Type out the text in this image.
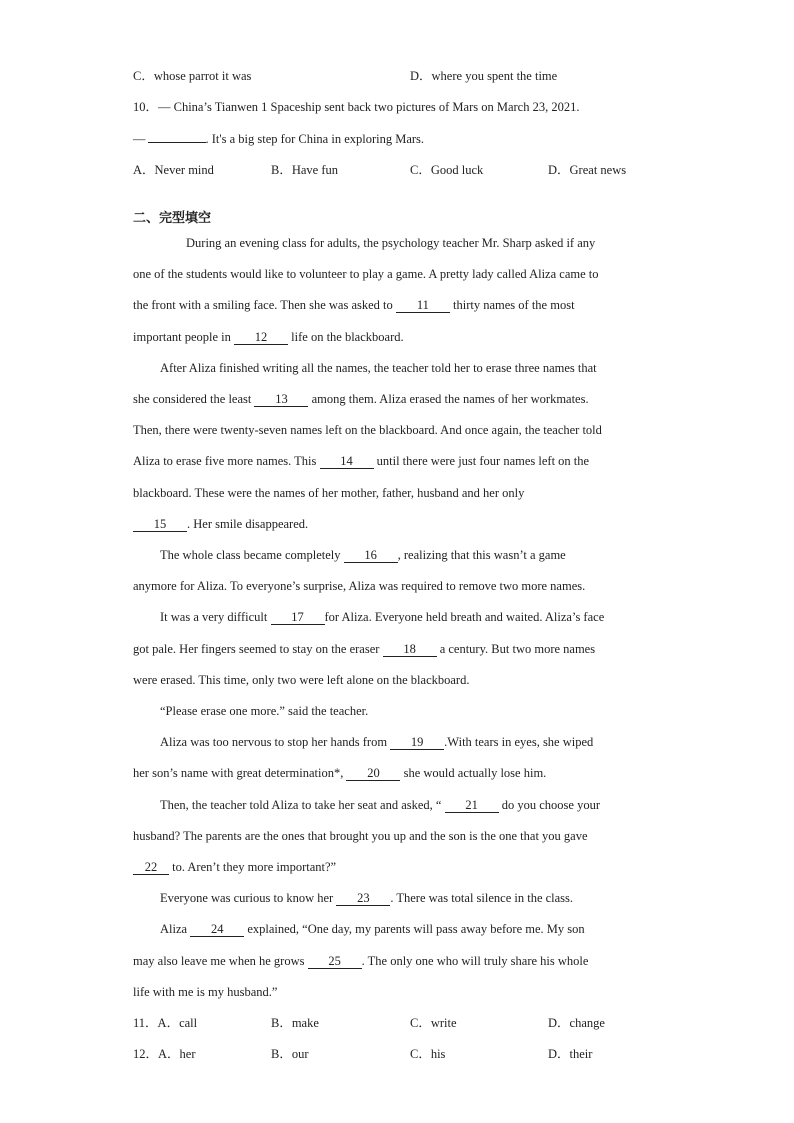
C．whose parrot it was	D．where you spent the time
10．— China’s Tianwen 1 Spaceship sent back two pictures of Mars on March 23, 2021.
—	. It's a big step for China in exploring Mars.
A．Never mind	B．Have fun	C．Good luck	D．Great news
二、完型填空
During an evening class for adults, the psychology teacher Mr. Sharp asked if any
one of the students would like to volunteer to play a game. A pretty lady called Aliza came to
the front with a smiling face. Then she was asked to 11 thirty names of the most
important people in 12 life on the blackboard.
After Aliza finished writing all the names, the teacher told her to erase three names that
she considered the least 13 among them. Aliza erased the names of her workmates.
Then, there were twenty-seven names left on the blackboard. And once again, the teacher told
Aliza to erase five more names. This 14 until there were just four names left on the
blackboard. These were the names of her mother, father, husband and her only
15 . Her smile disappeared.
The whole class became completely 16 , realizing that this wasn’t a game
anymore for Aliza. To everyone’s surprise, Aliza was required to remove two more names.
It was a very difficult 17 for Aliza. Everyone held breath and waited. Aliza’s face
got pale. Her fingers seemed to stay on the eraser 18 a century. But two more names
were erased. This time, only two were left alone on the blackboard.
“Please erase one more.” said the teacher.
Aliza was too nervous to stop her hands from 19 .With tears in eyes, she wiped
her son’s name with great determination*, 20 she would actually lose him.
Then, the teacher told Aliza to take her seat and asked, “ 21 do you choose your
husband? The parents are the ones that brought you up and the son is the one that you gave
22 to. Aren’t they more important?”
Everyone was curious to know her 23 . There was total silence in the class.
Aliza 24 explained, “One day, my parents will pass away before me. My son
may also leave me when he grows 25 . The only one who will truly share his whole
life with me is my husband.”
11．A．call	B．make	C．write	D．change
12．A．her	B．our	C．his	D．their
